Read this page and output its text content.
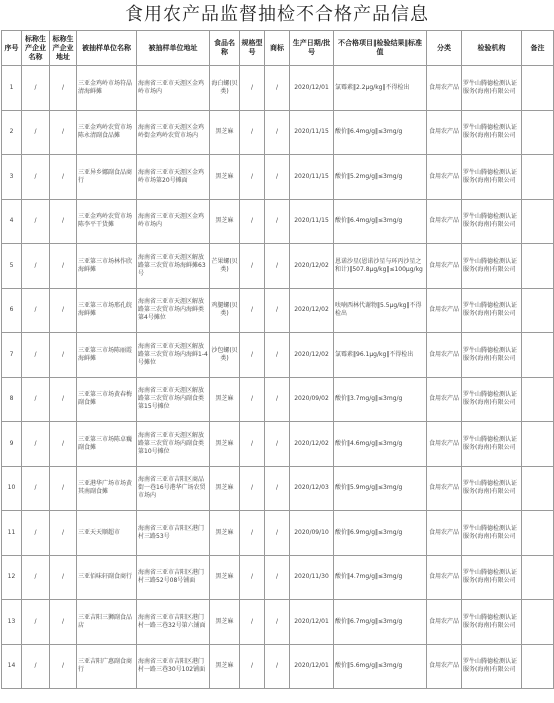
食用农产品监督抽检不合格产品信息
序号	标称生产企业名称	标称生产企业地址	被抽样单位名称	被抽样单位地址	食品名称	规格型号	商标	生产日期/批号	不合格项目‖检验结果‖标准值	分类	检验机构	备注
1	/	/	三亚金鸡岭市场符晶清海鲜摊	海南省三亚市天涯区金鸡岭市场内	海白螺(贝类)	/	/	2020/12/01	氯霉素‖2.2μg/kg‖不得检出	食用农产品	罗牛山腾德检测认证服务(海南)有限公司	
2	/	/	三亚金鸡岭农贸市场陈永清副食品摊	海南省三亚市天涯区金鸡岭街金鸡岭农贸市场内	黑芝麻	/	/	2020/11/15	酸价‖6.4mg/g‖≤3mg/g	食用农产品	罗牛山腾德检测认证服务(海南)有限公司	
3	/	/	三亚异乡娜副食品商行	海南省三亚市天涯区金鸡岭市场第20号摊面	黑芝麻	/	/	2020/11/15	酸价‖5.2mg/g‖≤3mg/g	食用农产品	罗牛山腾德检测认证服务(海南)有限公司	
4	/	/	三亚金鸡岭农贸市场陈李平干货摊	海南省三亚市天涯区金鸡岭市场内	黑芝麻	/	/	2020/11/15	酸价‖6.4mg/g‖≤3mg/g	食用农产品	罗牛山腾德检测认证服务(海南)有限公司	
5	/	/	三亚第三市场林作欣海鲜摊	海南省三亚市天涯区解放路第三农贸市场海鲜摊63号	芒果螺(贝类)	/	/	2020/12/02	恩诺沙星(恩诺沙星与环丙沙星之和计)‖507.8μg/kg‖≤100μg/kg	食用农产品	罗牛山腾德检测认证服务(海南)有限公司	
6	/	/	三亚第三市场邢孔皖海鲜摊	海南省三亚市天涯区解放路第三农贸市场内海鲜类第4号摊位	鸡腿螺(贝类)	/	/	2020/12/02	呋喃西林代谢物‖5.5μg/kg‖不得检出	食用农产品	罗牛山腾德检测认证服务(海南)有限公司	
7	/	/	三亚第三市场陈丽霞海鲜摊	海南省三亚市天涯区解放路第三农贸市场内海鲜1-4号摊位	沙包螺(贝类)	/	/	2020/12/02	氯霉素‖96.1μg/kg‖不得检出	食用农产品	罗牛山腾德检测认证服务(海南)有限公司	
8	/	/	三亚第三市场黄春梅副食摊	海南省三亚市天涯区解放路第三农贸市场内副食类第15号摊位	黑芝麻	/	/	2020/09/02	酸价‖3.7mg/g‖≤3mg/g	食用农产品	罗牛山腾德检测认证服务(海南)有限公司	
9	/	/	三亚第三市场陈卓巍副食摊	海南省三亚市天涯区解放路第三农贸市场内副食类第10号摊位	黑芝麻	/	/	2020/12/02	酸价‖4.6mg/g‖≤3mg/g	食用农产品	罗牛山腾德检测认证服务(海南)有限公司	
10	/	/	三亚港华广场市场黄其南副食摊	海南省三亚市吉阳区商品街一巷16号港华广场农贸市场内	黑芝麻	/	/	2020/12/03	酸价‖5.9mg/g‖≤3mg/g	食用农产品	罗牛山腾德检测认证服务(海南)有限公司	
11	/	/	三亚天天顺超市	海南省三亚市吉阳区港门村三路53号	黑芝麻	/	/	2020/09/10	酸价‖6.9mg/g‖≤3mg/g	食用农产品	罗牛山腾德检测认证服务(海南)有限公司	
12	/	/	三亚佰味轩副食商行	海南省三亚市吉阳区港门村三路52号08号铺面	黑芝麻	/	/	2020/11/30	酸价‖4.7mg/g‖≤3mg/g	食用农产品	罗牛山腾德检测认证服务(海南)有限公司	
13	/	/	三亚吉阳三狮副食品店	海南省三亚市吉阳区港门村一路三巷32号第六铺面	黑芝麻	/	/	2020/12/01	酸价‖6.7mg/g‖≤3mg/g	食用农产品	罗牛山腾德检测认证服务(海南)有限公司	
14	/	/	三亚吉阳广惠副食商行	海南省三亚市吉阳区港门村一路三巷30号102铺面	黑芝麻	/	/	2020/12/01	酸价‖5.6mg/g‖≤3mg/g	食用农产品	罗牛山腾德检测认证服务(海南)有限公司	
